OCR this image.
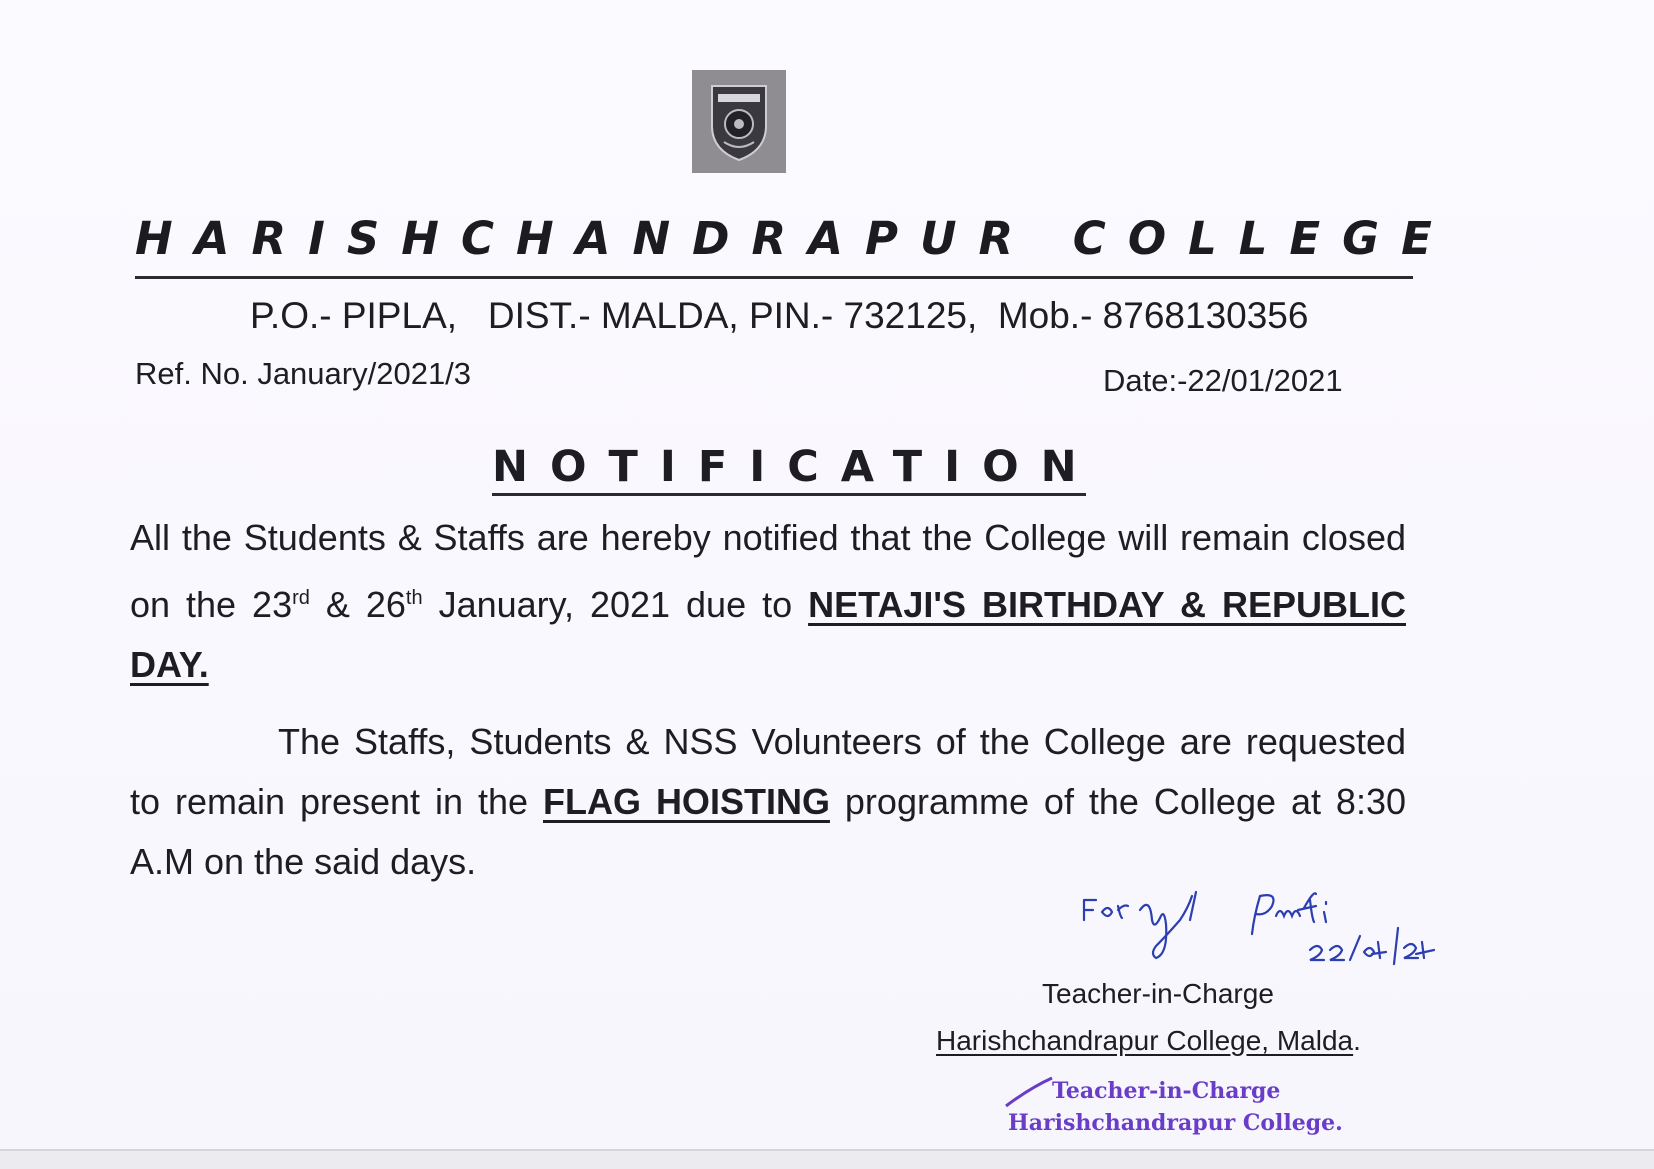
HARISHCHANDRAPUR COLLEGE
P.O.- PIPLA,   DIST.- MALDA, PIN.- 732125,  Mob.- 8768130356
Ref. No. January/2021/3	Date:-22/01/2021
NOTIFICATION
All the Students & Staffs are hereby notified that the College will remain closed on the 23rd & 26th January, 2021 due to NETAJI'S BIRTHDAY & REPUBLIC DAY.
The Staffs, Students & NSS Volunteers of the College are requested to remain present in the FLAG HOISTING programme of the College at 8:30 A.M on the said days.
Teacher-in-Charge
Harishchandrapur College, Malda.
Teacher-in-Charge
Harishchandrapur College.
